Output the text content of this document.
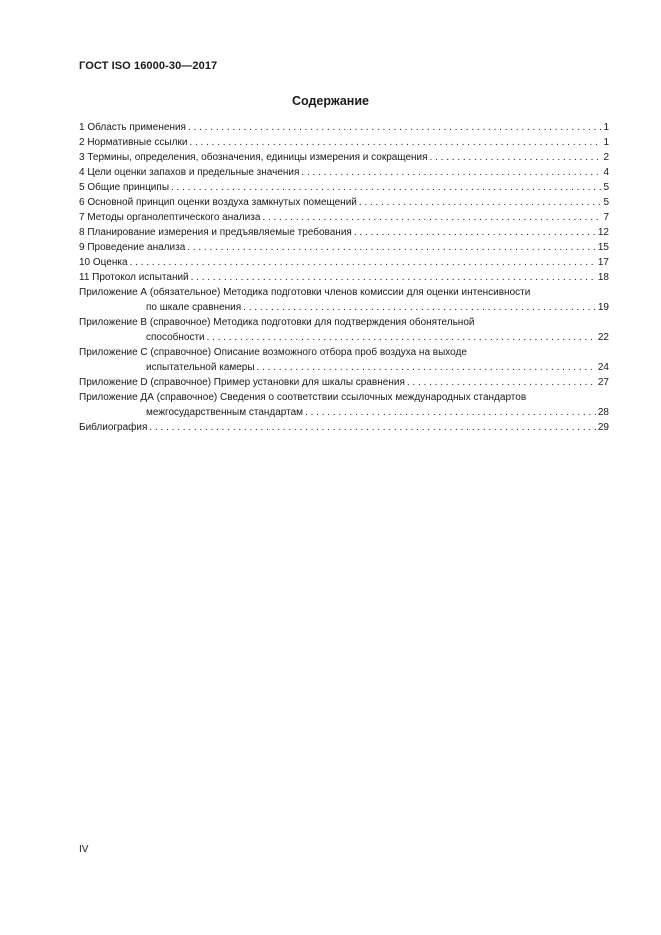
ГОСТ ISO 16000-30—2017
Содержание
1 Область применения . . .	1
2 Нормативные ссылки . . .	1
3 Термины, определения, обозначения, единицы измерения и сокращения . . .	2
4 Цели оценки запахов и предельные значения . . .	4
5 Общие принципы . . .	5
6 Основной принцип оценки воздуха замкнутых помещений . . .	5
7 Методы органолептического анализа . . .	7
8 Планирование измерения и предъявляемые требования . . .	12
9 Проведение анализа . . .	15
10 Оценка . . .	17
11 Протокол испытаний . . .	18
Приложение А (обязательное) Методика подготовки членов комиссии для оценки интенсивности
по шкале сравнения . . .	19
Приложение В (справочное) Методика подготовки для подтверждения обонятельной
способности . . .	22
Приложение С (справочное) Описание возможного отбора проб воздуха на выходе
испытательной камеры . . .	24
Приложение D (справочное) Пример установки для шкалы сравнения . . .	27
Приложение ДА (справочное) Сведения о соответствии ссылочных международных стандартов
межгосударственным стандартам . . .	28
Библиография . . .	29
IV
